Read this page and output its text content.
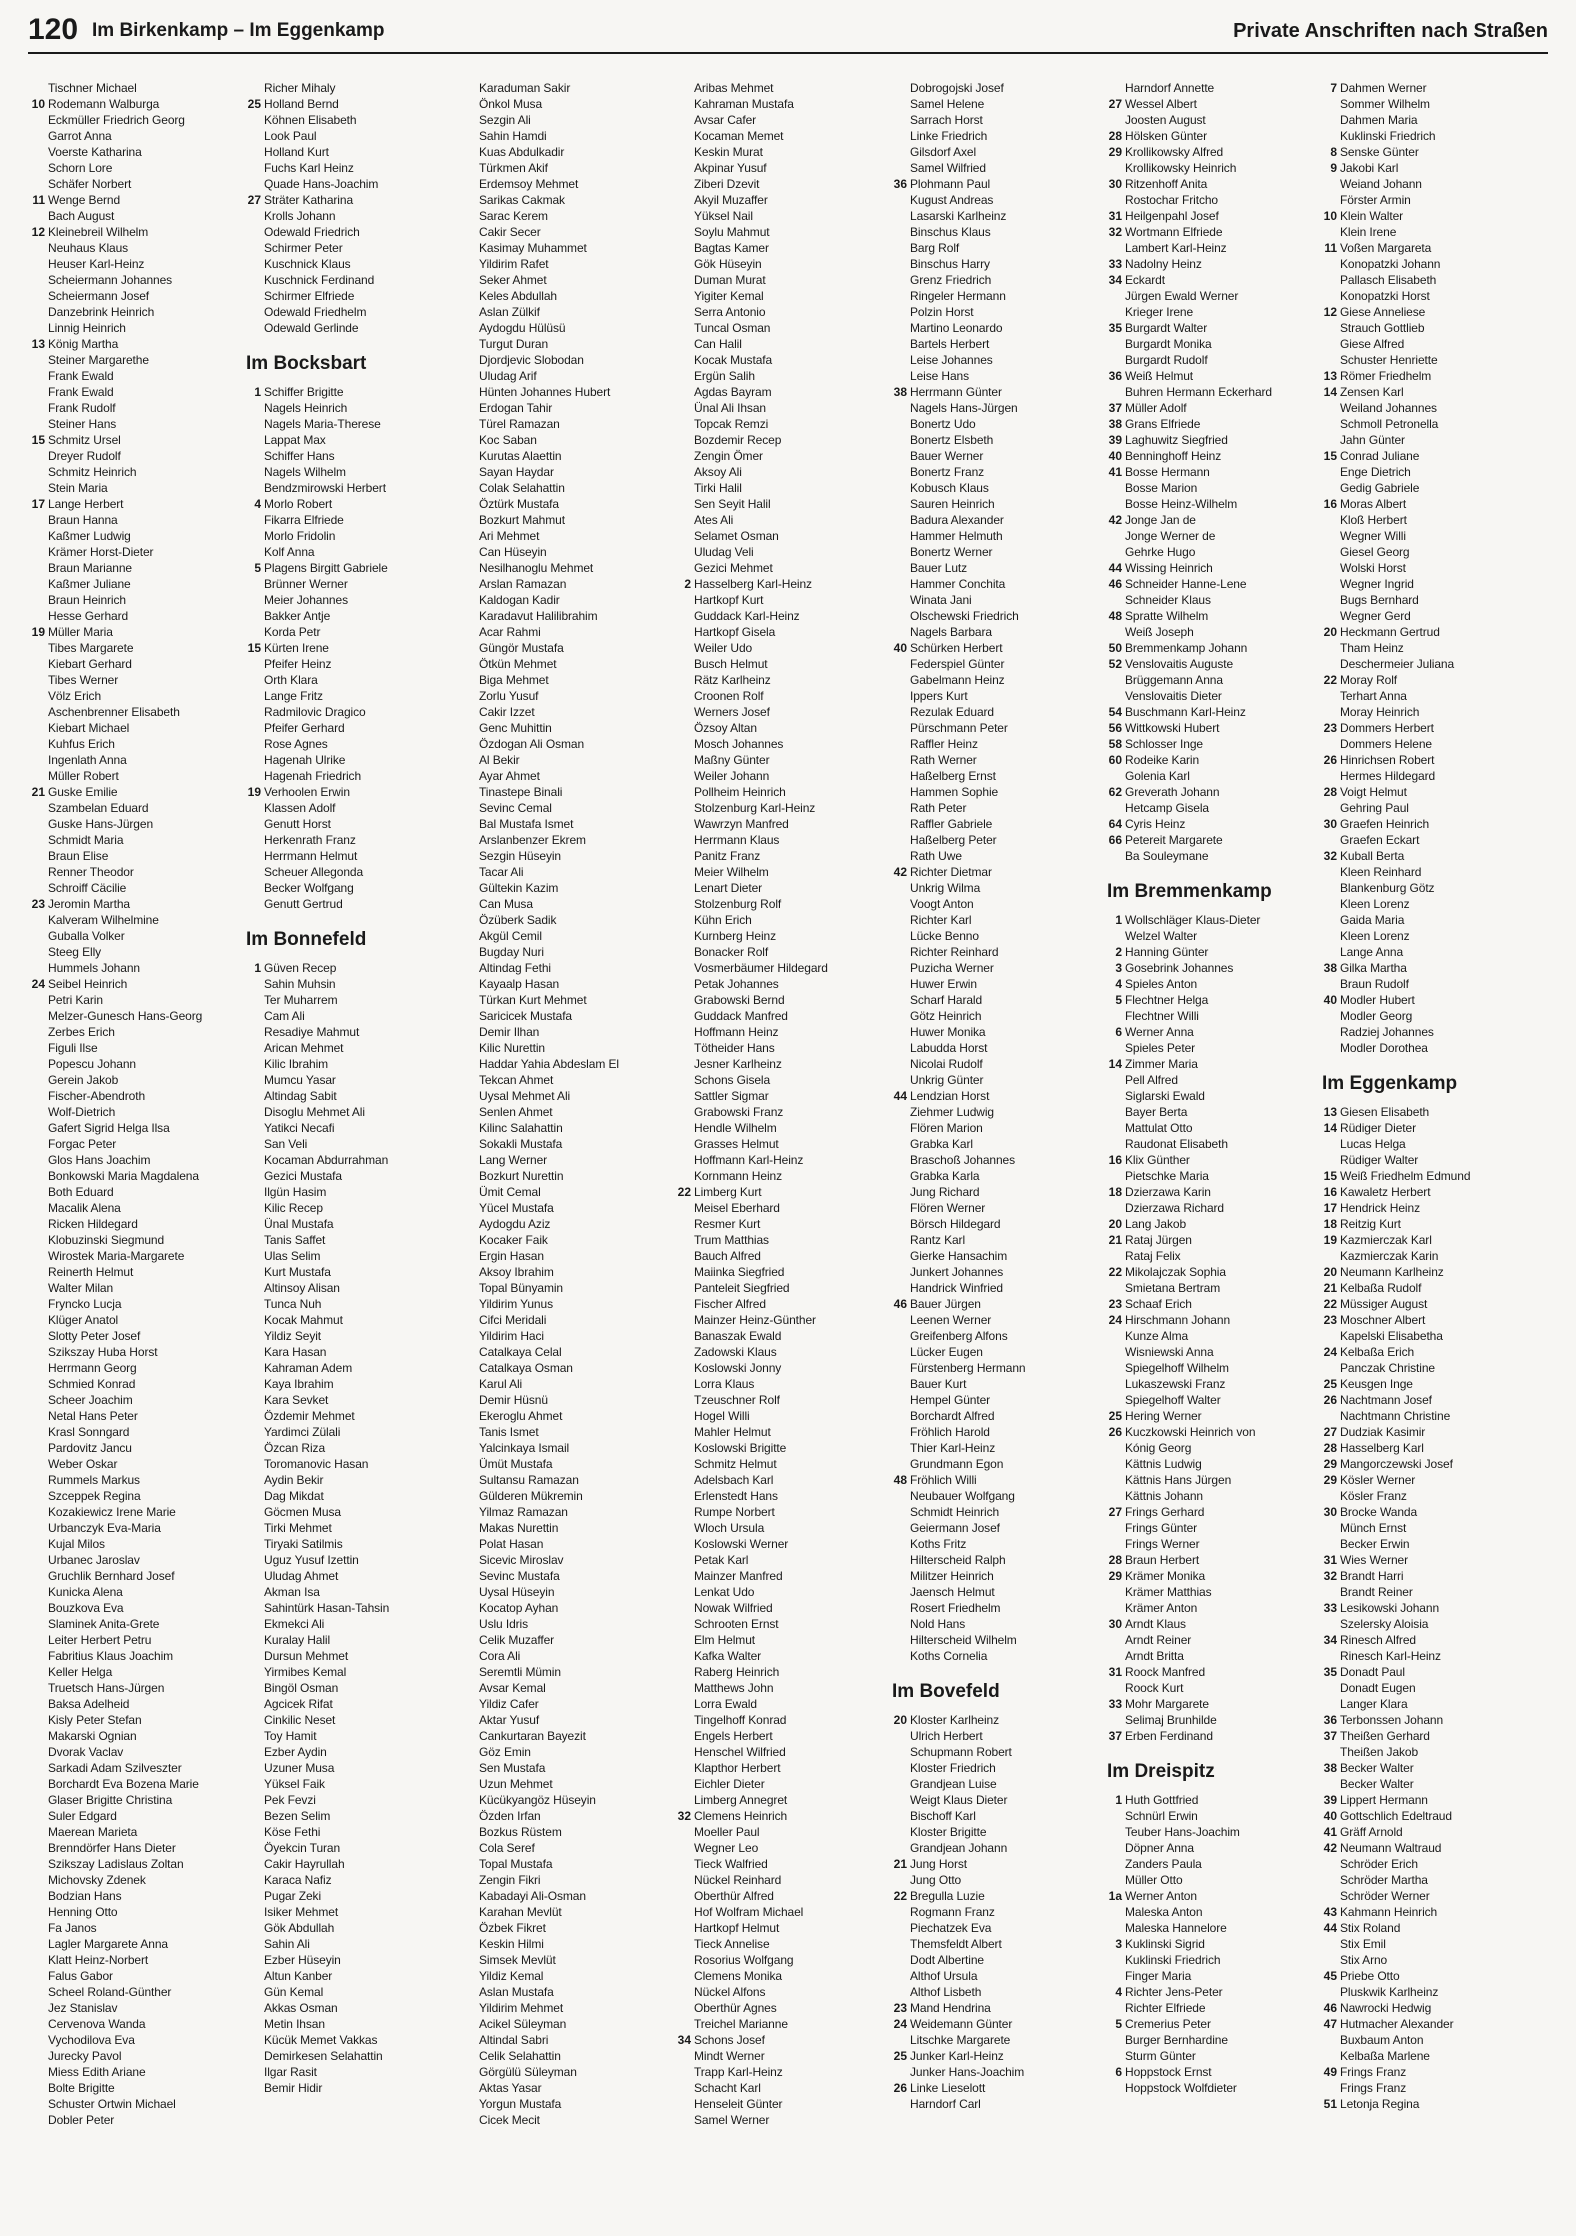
120 Im Birkenkamp – Im Eggenkamp	Private Anschriften nach Straßen
Tischner Michael
10 Rodemann Walburga
Eckmüller Friedrich Georg
Garrot Anna
Voerste Katharina
Schorn Lore
Schäfer Norbert
11 Wenge Bernd
Bach August
12 Kleinebreil Wilhelm
Neuhaus Klaus
Heuser Karl-Heinz
Scheiermann Johannes
Scheiermann Josef
Danzebrink Heinrich
Linnig Heinrich
13 König Martha
Steiner Margarethe
Frank Ewald
Frank Ewald
Frank Rudolf
Steiner Hans
15 Schmitz Ursel
Dreyer Rudolf
Schmitz Heinrich
Stein Maria
17 Lange Herbert
Braun Hanna
Kaßmer Ludwig
Krämer Horst-Dieter
Braun Marianne
Kaßmer Juliane
Braun Heinrich
Hesse Gerhard
19 Müller Maria
Tibes Margarete
Kiebart Gerhard
Tibes Werner
Völz Erich
Aschenbrenner Elisabeth
Kiebart Michael
Kuhfus Erich
Ingenlath Anna
Müller Robert
21 Guske Emilie
Szambelan Eduard
Guske Hans-Jürgen
Schmidt Maria
Braun Elise
Renner Theodor
Schroiff Cäcilie
23 Jeromin Martha
Kalveram Wilhelmine
Guballa Volker
Steeg Elly
Hummels Johann
24 Seibel Heinrich
Petri Karin
Melzer-Gunesch Hans-Georg
Zerbes Erich
Figuli Ilse
Popescu Johann
Gerein Jakob
Fischer-Abendroth
Wolf-Dietrich
Gafert Sigrid Helga Ilsa
Forgac Peter
Glos Hans Joachim
Bonkowski Maria Magdalena
Both Eduard
Macalik Alena
Ricken Hildegard
Klobuzinski Siegmund
Wirostek Maria-Margarete
Reinerth Helmut
Walter Milan
Fryncko Lucja
Klüger Anatol
Slotty Peter Josef
Szikszay Huba Horst
Herrmann Georg
Schmied Konrad
Scheer Joachim
Netal Hans Peter
Krasl Sonngard
Pardovitz Jancu
Weber Oskar
Rummels Markus
Szceppek Regina
Kozakiewicz Irene Marie
Urbanczyk Eva-Maria
Kujal Milos
Urbanec Jaroslav
Gruchlik Bernhard Josef
Kunicka Alena
Bouzkova Eva
Slaminek Anita-Grete
Leiter Herbert Petru
Fabritius Klaus Joachim
Keller Helga
Truetsch Hans-Jürgen
Baksa Adelheid
Kisly Peter Stefan
Makarski Ognian
Dvorak Vaclav
Sarkadi Adam Szilveszter
Borchardt Eva Bozena Marie
Glaser Brigitte Christina
Suler Edgard
Maerean Marieta
Brenndörfer Hans Dieter
Szikszay Ladislaus Zoltan
Michovsky Zdenek
Bodzian Hans
Henning Otto
Fa Janos
Lagler Margarete Anna
Klatt Heinz-Norbert
Falus Gabor
Scheel Roland-Günther
Jez Stanislav
Cervenova Wanda
Vychodilova Eva
Jurecky Pavol
Miess Edith Ariane
Bolte Brigitte
Schuster Ortwin Michael
Dobler Peter
Richer Mihaly
25 Holland Bernd
Köhnen Elisabeth
Look Paul
Holland Kurt
Fuchs Karl Heinz
Quade Hans-Joachim
27 Sträter Katharina
Krolls Johann
Odewald Friedrich
Schirmer Peter
Kuschnick Klaus
Kuschnick Ferdinand
Schirmer Elfriede
Odewald Friedhelm
Odewald Gerlinde
Im Bocksbart
1 Schiffer Brigitte
Nagels Heinrich
Nagels Maria-Therese
Lappat Max
Schiffer Hans
Nagels Wilhelm
Bendzmirowski Herbert
4 Morlo Robert
Fikarra Elfriede
Morlo Fridolin
Kolf Anna
5 Plagens Birgitt Gabriele
Brünner Werner
Meier Johannes
Bakker Antje
Korda Petr
15 Kürten Irene
Pfeifer Heinz
Orth Klara
Lange Fritz
Radmilovic Dragico
Pfeifer Gerhard
Rose Agnes
Hagenah Ulrike
Hagenah Friedrich
19 Verhoolen Erwin
Klassen Adolf
Genutt Horst
Herkenrath Franz
Herrmann Helmut
Scheuer Allegonda
Becker Wolfgang
Genutt Gertrud
Im Bonnefeld
1 Güven Recep
Sahin Muhsin
Ter Muharrem
Cam Ali
Resadiye Mahmut
Arican Mehmet
Kilic Ibrahim
Mumcu Yasar
Altindag Sabit
Disoglu Mehmet Ali
Yatikci Necafi
San Veli
Kocaman Abdurrahman
Gezici Mustafa
Ilgün Hasim
Kilic Recep
Ünal Mustafa
Tanis Saffet
Ulas Selim
Kurt Mustafa
Altinsoy Alisan
Tunca Nuh
Kocak Mahmut
Yildiz Seyit
Kara Hasan
Kahraman Adem
Kaya Ibrahim
Kara Sevket
Özdemir Mehmet
Yardimci Zülali
Özcan Riza
Toromanovic Hasan
Aydin Bekir
Dag Mikdat
Göcmen Musa
Tirki Mehmet
Tiryaki Satilmis
Uguz Yusuf Izettin
Uludag Ahmet
Akman Isa
Sahintürk Hasan-Tahsin
Ekmekci Ali
Kuralay Halil
Dursun Mehmet
Yirmibes Kemal
Bingöl Osman
Agcicek Rifat
Cinkilic Neset
Toy Hamit
Ezber Aydin
Uzuner Musa
Yüksel Faik
Pek Fevzi
Bezen Selim
Köse Fethi
Öyekcin Turan
Cakir Hayrullah
Karaca Nafiz
Pugar Zeki
Isiker Mehmet
Gök Abdullah
Sahin Ali
Ezber Hüseyin
Altun Kanber
Gün Kemal
Akkas Osman
Metin Ihsan
Kücük Memet Vakkas
Demirkesen Selahattin
Ilgar Rasit
Bemir Hidir
Karaduman Sakir
Önkol Musa
Sezgin Ali
Sahin Hamdi
Kuas Abdulkadir
Türkmen Akif
Erdemsoy Mehmet
Sarikas Cakmak
Sarac Kerem
Cakir Secer
Kasimay Muhammet
Yildirim Rafet
Seker Ahmet
Keles Abdullah
Aslan Zülkif
Aydogdu Hülüsü
Turgut Duran
Djordjevic Slobodan
Uludag Arif
Hünten Johannes Hubert
Erdogan Tahir
Türel Ramazan
Koc Saban
Kurutas Alaettin
Sayan Haydar
Colak Selahattin
Öztürk Mustafa
Bozkurt Mahmut
Ari Mehmet
Can Hüseyin
Nesilhanoglu Mehmet
Arslan Ramazan
Kaldogan Kadir
Karadavut Halilibrahim
Acar Rahmi
Güngör Mustafa
Ötkün Mehmet
Biga Mehmet
Zorlu Yusuf
Cakir Izzet
Genc Muhittin
Özdogan Ali Osman
Al Bekir
Ayar Ahmet
Tinastepe Binali
Sevinc Cemal
Bal Mustafa Ismet
Arslanbenzer Ekrem
Sezgin Hüseyin
Tacar Ali
Gültekin Kazim
Can Musa
Özüberk Sadik
Akgül Cemil
Bugday Nuri
Altindag Fethi
Kayaalp Hasan
Türkan Kurt Mehmet
Saricicek Mustafa
Demir Ilhan
Kilic Nurettin
Haddar Yahia Abdeslam El
Tekcan Ahmet
Uysal Mehmet Ali
Senlen Ahmet
Kilinc Salahattin
Sokakli Mustafa
Lang Werner
Bozkurt Nurettin
Ümit Cemal
Yücel Mustafa
Aydogdu Aziz
Kocaker Faik
Ergin Hasan
Aksoy Ibrahim
Topal Bünyamin
Yildirim Yunus
Cifci Meridali
Yildirim Haci
Catalkaya Celal
Catalkaya Osman
Karul Ali
Demir Hüsnü
Ekeroglu Ahmet
Tanis Ismet
Yalcinkaya Ismail
Ümüt Mustafa
Sultansu Ramazan
Gülderen Mükremin
Yilmaz Ramazan
Makas Nurettin
Polat Hasan
Sicevic Miroslav
Sevinc Mustafa
Uysal Hüseyin
Kocatop Ayhan
Uslu Idris
Celik Muzaffer
Cora Ali
Seremtli Mümin
Avsar Kemal
Yildiz Cafer
Aktar Yusuf
Cankurtaran Bayezit
Göz Emin
Sen Mustafa
Uzun Mehmet
Kücükyangöz Hüseyin
Özden Irfan
Bozkus Rüstem
Cola Seref
Topal Mustafa
Zengin Fikri
Kabadayi Ali-Osman
Karahan Mevlüt
Özbek Fikret
Keskin Hilmi
Simsek Mevlüt
Yildiz Kemal
Aslan Mustafa
Yildirim Mehmet
Acikel Süleyman
Altindal Sabri
Celik Selahattin
Görgülü Süleyman
Aktas Yasar
Yorgun Mustafa
Cicek Mecit
Aribas Mehmet
Kahraman Mustafa
Avsar Cafer
Kocaman Memet
Keskin Murat
Akpinar Yusuf
Ziberi Dzevit
Akyil Muzaffer
Yüksel Nail
Soylu Mahmut
Bagtas Kamer
Gök Hüseyin
Duman Murat
Yigiter Kemal
Serra Antonio
Tuncal Osman
Can Halil
Kocak Mustafa
Ergün Salih
Agdas Bayram
Ünal Ali Ihsan
Topcak Remzi
Bozdemir Recep
Zengin Ömer
Aksoy Ali
Tirki Halil
Sen Seyit Halil
Ates Ali
Selamet Osman
Uludag Veli
Gezici Mehmet
2 Hasselberg Karl-Heinz
Hartkopf Kurt
Guddack Karl-Heinz
Hartkopf Gisela
Weiler Udo
Busch Helmut
Rätz Karlheinz
Croonen Rolf
Werners Josef
Özsoy Altan
Mosch Johannes
Maßny Günter
Weiler Johann
Pollheim Heinrich
Stolzenburg Karl-Heinz
Wawrzyn Manfred
Herrmann Klaus
Panitz Franz
Meier Wilhelm
Lenart Dieter
Stolzenburg Rolf
Kühn Erich
Kurnberg Heinz
Bonacker Rolf
Vosmerbäumer Hildegard
Petak Johannes
Grabowski Bernd
Guddack Manfred
Hoffmann Heinz
Tötheider Hans
Jesner Karlheinz
Schons Gisela
Sattler Sigmar
Grabowski Franz
Hendle Wilhelm
Grasses Helmut
Hoffmann Karl-Heinz
Kornmann Heinz
22 Limberg Kurt
Meisel Eberhard
Resmer Kurt
Trum Matthias
Bauch Alfred
Maiinka Siegfried
Panteleit Siegfried
Fischer Alfred
Mainzer Heinz-Günther
Banaszak Ewald
Zadowski Klaus
Koslowski Jonny
Lorra Klaus
Tzeuschner Rolf
Hogel Willi
Mahler Helmut
Koslowski Brigitte
Schmitz Helmut
Adelsbach Karl
Erlenstedt Hans
Rumpe Norbert
Wloch Ursula
Koslowski Werner
Petak Karl
Mainzer Manfred
Lenkat Udo
Nowak Wilfried
Schrooten Ernst
Elm Helmut
Kafka Walter
Raberg Heinrich
Matthews John
Lorra Ewald
Tingelhoff Konrad
Engels Herbert
Henschel Wilfried
Klapthor Herbert
Eichler Dieter
Limberg Annegret
32 Clemens Heinrich
Moeller Paul
Wegner Leo
Tieck Walfried
Nückel Reinhard
Oberthür Alfred
Hof Wolfram Michael
Hartkopf Helmut
Tieck Annelise
Rosorius Wolfgang
Clemens Monika
Nückel Alfons
Oberthür Agnes
Treichel Marianne
34 Schons Josef
Mindt Werner
Trapp Karl-Heinz
Schacht Karl
Henseleit Günter
Samel Werner
Dobrogojski Josef
Samel Helene
Sarrach Horst
Linke Friedrich
Gilsdorf Axel
Samel Wilfried
36 Plohmann Paul
Kugust Andreas
Lasarski Karlheinz
Binschus Klaus
Barg Rolf
Binschus Harry
Grenz Friedrich
Ringeler Hermann
Polzin Horst
Martino Leonardo
Bartels Herbert
Leise Johannes
Leise Hans
38 Herrmann Günter
Nagels Hans-Jürgen
Bonertz Udo
Bonertz Elsbeth
Bauer Werner
Bonertz Franz
Kobusch Klaus
Sauren Heinrich
Badura Alexander
Hammer Helmuth
Bonertz Werner
Bauer Lutz
Hammer Conchita
Winata Jani
Olschewski Friedrich
Nagels Barbara
40 Schürken Herbert
Federspiel Günter
Gabelmann Heinz
Ippers Kurt
Rezulak Eduard
Pürschmann Peter
Raffler Heinz
Rath Werner
Haßelberg Ernst
Hammen Sophie
Rath Peter
Raffler Gabriele
Haßelberg Peter
Rath Uwe
42 Richter Dietmar
Unkrig Wilma
Voogt Anton
Richter Karl
Lücke Benno
Richter Reinhard
Puzicha Werner
Huwer Erwin
Scharf Harald
Götz Heinrich
Huwer Monika
Labudda Horst
Nicolai Rudolf
Unkrig Günter
44 Lendzian Horst
Ziehmer Ludwig
Flören Marion
Grabka Karl
Braschoß Johannes
Grabka Karla
Jung Richard
Flören Werner
Börsch Hildegard
Rantz Karl
Gierke Hansachim
Junkert Johannes
Handrick Winfried
46 Bauer Jürgen
Leenen Werner
Greifenberg Alfons
Lücker Eugen
Fürstenberg Hermann
Bauer Kurt
Hempel Günter
Borchardt Alfred
Fröhlich Harold
Thier Karl-Heinz
Grundmann Egon
48 Fröhlich Willi
Neubauer Wolfgang
Schmidt Heinrich
Geiermann Josef
Koths Fritz
Hilterscheid Ralph
Militzer Heinrich
Jaensch Helmut
Rosert Friedhelm
Nold Hans
Hilterscheid Wilhelm
Koths Cornelia
Im Bovefeld
20 Kloster Karlheinz
Ulrich Herbert
Schupmann Robert
Kloster Friedrich
Grandjean Luise
Weigt Klaus Dieter
Bischoff Karl
Kloster Brigitte
Grandjean Johann
21 Jung Horst
Jung Otto
22 Bregulla Luzie
Rogmann Franz
Piechatzek Eva
Themsfeldt Albert
Dodt Albertine
Althof Ursula
Althof Lisbeth
23 Mand Hendrina
24 Weidemann Günter
Litschke Margarete
25 Junker Karl-Heinz
Junker Hans-Joachim
26 Linke Lieselott
Harndorf Carl
Harndorf Annette
27 Wessel Albert
Joosten August
28 Hölsken Günter
29 Krollikowsky Alfred
Krollikowsky Heinrich
30 Ritzenhoff Anita
Rostochar Fritcho
31 Heilgenpahl Josef
32 Wortmann Elfriede
Lambert Karl-Heinz
33 Nadolny Heinz
34 Eckardt
Jürgen Ewald Werner
Krieger Irene
35 Burgardt Walter
Burgardt Monika
Burgardt Rudolf
36 Weiß Helmut
Buhren Hermann Eckerhard
37 Müller Adolf
38 Grans Elfriede
39 Laghuwitz Siegfried
40 Benninghoff Heinz
41 Bosse Hermann
Bosse Marion
Bosse Heinz-Wilhelm
42 Jonge Jan de
Jonge Werner de
Gehrke Hugo
44 Wissing Heinrich
46 Schneider Hanne-Lene
Schneider Klaus
48 Spratte Wilhelm
Weiß Joseph
50 Bremmenkamp Johann
52 Venslovaitis Auguste
Brüggemann Anna
Venslovaitis Dieter
54 Buschmann Karl-Heinz
56 Wittkowski Hubert
58 Schlosser Inge
60 Rodeike Karin
Golenia Karl
62 Greverath Johann
Hetcamp Gisela
64 Cyris Heinz
66 Petereit Margarete
Ba Souleymane
Im Bremmenkamp
1 Wollschläger Klaus-Dieter
Welzel Walter
2 Hanning Günter
3 Gosebrink Johannes
4 Spieles Anton
5 Flechtner Helga
Flechtner Willi
6 Werner Anna
Spieles Peter
14 Zimmer Maria
Pell Alfred
Siglarski Ewald
Bayer Berta
Mattulat Otto
Raudonat Elisabeth
16 Klix Günther
Pietschke Maria
18 Dzierzawa Karin
Dzierzawa Richard
20 Lang Jakob
21 Rataj Jürgen
Rataj Felix
22 Mikolajczak Sophia
Smietana Bertram
23 Schaaf Erich
24 Hirschmann Johann
Kunze Alma
Wisniewski Anna
Spiegelhoff Wilhelm
Lukaszewski Franz
Spiegelhoff Walter
25 Hering Werner
26 Kuczkowski Heinrich von
Kónig Georg
Kättnis Ludwig
Kättnis Hans Jürgen
Kättnis Johann
27 Frings Gerhard
Frings Günter
Frings Werner
28 Braun Herbert
29 Krämer Monika
Krämer Matthias
Krämer Anton
30 Arndt Klaus
Arndt Reiner
Arndt Britta
31 Roock Manfred
Roock Kurt
33 Mohr Margarete
Selimaj Brunhilde
37 Erben Ferdinand
Im Dreispitz
1 Huth Gottfried
Schnürl Erwin
Teuber Hans-Joachim
Döpner Anna
Zanders Paula
Müller Otto
1a Werner Anton
Maleska Anton
Maleska Hannelore
3 Kuklinski Sigrid
Kuklinski Friedrich
Finger Maria
4 Richter Jens-Peter
Richter Elfriede
5 Cremerius Peter
Burger Bernhardine
Sturm Günter
6 Hoppstock Ernst
Hoppstock Wolfdieter
7 Dahmen Werner
Sommer Wilhelm
Dahmen Maria
Kuklinski Friedrich
8 Senske Günter
9 Jakobi Karl
Weiand Johann
Förster Armin
10 Klein Walter
Klein Irene
11 Voßen Margareta
Konopatzki Johann
Pallasch Elisabeth
Konopatzki Horst
12 Giese Anneliese
Strauch Gottlieb
Giese Alfred
Schuster Henriette
13 Römer Friedhelm
14 Zensen Karl
Weiland Johannes
Schmoll Petronella
Jahn Günter
15 Conrad Juliane
Enge Dietrich
Gedig Gabriele
16 Moras Albert
Kloß Herbert
Wegner Willi
Giesel Georg
Wolski Horst
Wegner Ingrid
Bugs Bernhard
Wegner Gerd
20 Heckmann Gertrud
Tham Heinz
Deschermeier Juliana
22 Moray Rolf
Terhart Anna
Moray Heinrich
23 Dommers Herbert
Dommers Helene
26 Hinrichsen Robert
Hermes Hildegard
28 Voigt Helmut
Gehring Paul
30 Graefen Heinrich
Graefen Eckart
32 Kuball Berta
Kleen Reinhard
Blankenburg Götz
Kleen Lorenz
Gaida Maria
Kleen Lorenz
Lange Anna
38 Gilka Martha
Braun Rudolf
40 Modler Hubert
Modler Georg
Radziej Johannes
Modler Dorothea
Im Eggenkamp
13 Giesen Elisabeth
14 Rüdiger Dieter
Lucas Helga
Rüdiger Walter
15 Weiß Friedhelm Edmund
16 Kawaletz Herbert
17 Hendrick Heinz
18 Reitzig Kurt
19 Kazmierczak Karl
Kazmierczak Karin
20 Neumann Karlheinz
21 Kelbaßa Rudolf
22 Müssiger August
23 Moschner Albert
Kapelski Elisabetha
24 Kelbaßa Erich
Panczak Christine
25 Keusgen Inge
26 Nachtmann Josef
Nachtmann Christine
27 Dudziak Kasimir
28 Hasselberg Karl
29 Mangorczewski Josef
29 Kösler Werner
Kösler Franz
30 Brocke Wanda
Münch Ernst
Becker Erwin
31 Wies Werner
32 Brandt Harri
Brandt Reiner
33 Lesikowski Johann
Szelersky Aloisia
34 Rinesch Alfred
Rinesch Karl-Heinz
35 Donadt Paul
Donadt Eugen
Langer Klara
36 Terbonssen Johann
37 Theißen Gerhard
Theißen Jakob
38 Becker Walter
Becker Walter
39 Lippert Hermann
40 Gottschlich Edeltraud
41 Gräff Arnold
42 Neumann Waltraud
Schröder Erich
Schröder Martha
Schröder Werner
43 Kahmann Heinrich
44 Stix Roland
Stix Emil
Stix Arno
45 Priebe Otto
Pluskwik Karlheinz
46 Nawrocki Hedwig
47 Hutmacher Alexander
Buxbaum Anton
Kelbaßa Marlene
49 Frings Franz
Frings Franz
51 Letonja Regina
